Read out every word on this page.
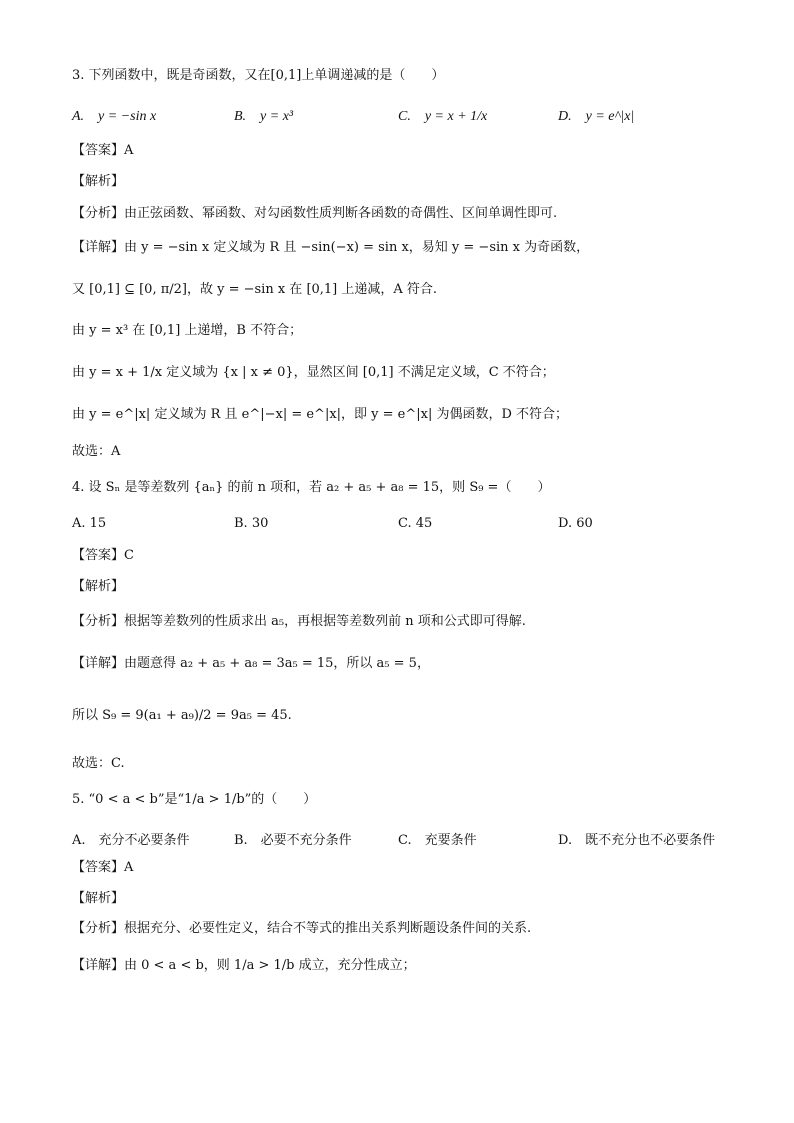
3. 下列函数中，既是奇函数，又在[0,1]上单调递减的是（　　）
A.　y = −sin x	B.　y = x³	C.　y = x + 1/x	D.　y = e^|x|
【答案】A
【解析】
【分析】由正弦函数、幂函数、对勾函数性质判断各函数的奇偶性、区间单调性即可.
【详解】由 y = −sin x 定义域为 R 且 −sin(−x) = sin x，易知 y = −sin x 为奇函数，
又 [0,1] ⊆ [0, π/2]，故 y = −sin x 在 [0,1] 上递减，A 符合.
由 y = x³ 在 [0,1] 上递增，B 不符合；
由 y = x + 1/x 定义域为 {x | x ≠ 0}，显然区间 [0,1] 不满足定义域，C 不符合；
由 y = e^|x| 定义域为 R 且 e^|−x| = e^|x|，即 y = e^|x| 为偶函数，D 不符合；
故选：A
4. 设 Sₙ 是等差数列 {aₙ} 的前 n 项和，若 a₂ + a₅ + a₈ = 15，则 S₉ =（　　）
A. 15	B. 30	C. 45	D. 60
【答案】C
【解析】
【分析】根据等差数列的性质求出 a₅，再根据等差数列前 n 项和公式即可得解.
【详解】由题意得 a₂ + a₅ + a₈ = 3a₅ = 15，所以 a₅ = 5，
所以 S₉ = 9(a₁ + a₉)/2 = 9a₅ = 45.
故选：C.
5. “0 < a < b”是“1/a > 1/b”的（　　）
A.　充分不必要条件	B.　必要不充分条件	C.　充要条件	D.　既不充分也不必要条件
【答案】A
【解析】
【分析】根据充分、必要性定义，结合不等式的推出关系判断题设条件间的关系.
【详解】由 0 < a < b，则 1/a > 1/b 成立，充分性成立；
